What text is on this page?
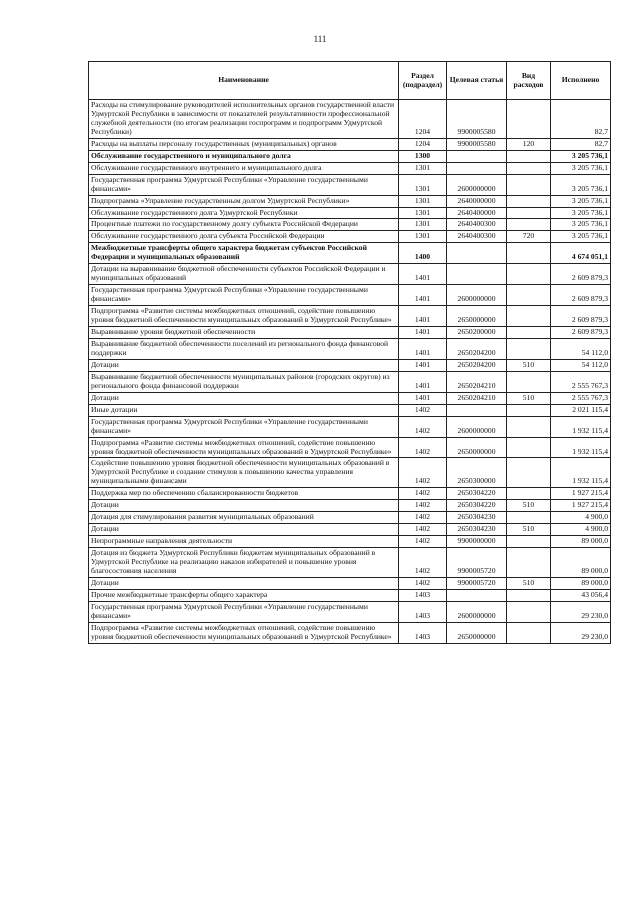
111
Наименование	Раздел (подраздел)	Целевая статья	Вид расходов	Исполнено
Расходы на стимулирование руководителей исполнительных органов государственной власти Удмуртской Республики в зависимости от показателей результативности профессиональной служебной деятельности (по итогам реализации госпрограмм и подпрограмм Удмуртской Республики)	1204	9900005580		82,7
Расходы на выплаты персоналу государственных (муниципальных) органов	1204	9900005580	120	82,7
Обслуживание государственного и муниципального долга	1300			3 205 736,1
Обслуживание государственного внутреннего и муниципального долга	1301			3 205 736,1
Государственная программа Удмуртской Республики «Управление государственными финансами»	1301	2600000000		3 205 736,1
Подпрограмма «Управление государственным долгом Удмуртской Республики»	1301	2640000000		3 205 736,1
Обслуживание государственного долга Удмуртской Республики	1301	2640400000		3 205 736,1
Процентные платежи по государственному долгу субъекта Российской Федерации	1301	2640400300		3 205 736,1
Обслуживание государственного долга субъекта Российской Федерации	1301	2640400300	720	3 205 736,1
Межбюджетные трансферты общего характера бюджетам субъектов Российской Федерации и муниципальных образований	1400			4 674 051,1
Дотации на выравнивание бюджетной обеспеченности субъектов Российской Федерации и муниципальных образований	1401			2 609 879,3
Государственная программа Удмуртской Республики «Управление государственными финансами»	1401	2600000000		2 609 879,3
Подпрограмма «Развитие системы межбюджетных отношений, содействие повышению уровня бюджетной обеспеченности муниципальных образований в Удмуртской Республике»	1401	2650000000		2 609 879,3
Выравнивание уровня бюджетной обеспеченности	1401	2650200000		2 609 879,3
Выравнивание бюджетной обеспеченности поселений из регионального фонда финансовой поддержки	1401	2650204200		54 112,0
Дотации	1401	2650204200	510	54 112,0
Выравнивание бюджетной обеспеченности муниципальных районов (городских округов) из регионального фонда финансовой поддержки	1401	2650204210		2 555 767,3
Дотации	1401	2650204210	510	2 555 767,3
Иные дотации	1402			2 021 115,4
Государственная программа Удмуртской Республики «Управление государственными финансами»	1402	2600000000		1 932 115,4
Подпрограмма «Развитие системы межбюджетных отношений, содействие повышению уровня бюджетной обеспеченности муниципальных образований в Удмуртской Республике»	1402	2650000000		1 932 115,4
Содействие повышению уровня бюджетной обеспеченности муниципальных образований в Удмуртской Республике и создание стимулов к повышению качества управления муниципальными финансами	1402	2650300000		1 932 115,4
Поддержка мер по обеспечению сбалансированности бюджетов	1402	2650304220		1 927 215,4
Дотации	1402	2650304220	510	1 927 215,4
Дотация для стимулирования развития муниципальных образований	1402	2650304230		4 900,0
Дотации	1402	2650304230	510	4 900,0
Непрограммные направления деятельности	1402	9900000000		89 000,0
Дотация из бюджета Удмуртской Республики бюджетам муниципальных образований в Удмуртской Республике на реализацию наказов избирателей и повышение уровня благосостояния населения	1402	9900005720		89 000,0
Дотации	1402	9900005720	510	89 000,0
Прочие межбюджетные трансферты общего характера	1403			43 056,4
Государственная программа Удмуртской Республики «Управление государственными финансами»	1403	2600000000		29 230,0
Подпрограмма «Развитие системы межбюджетных отношений, содействие повышению уровня бюджетной обеспеченности муниципальных образований в Удмуртской Республике»	1403	2650000000		29 230,0
